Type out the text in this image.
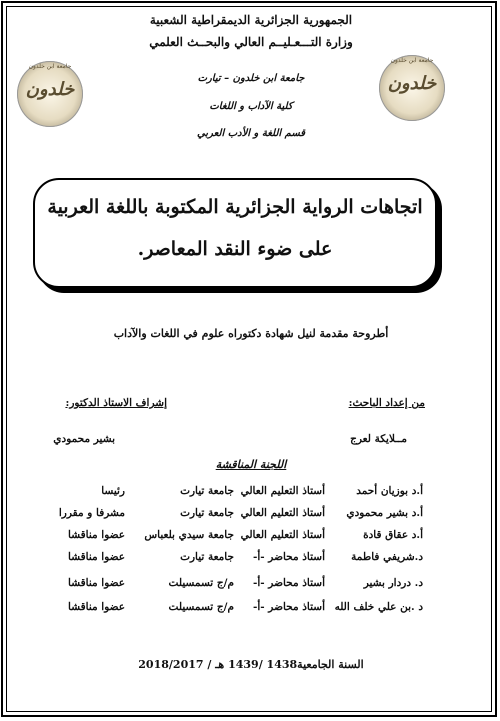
الجمهورية الجزائرية الديمقراطية الشعبية
وزارة التـــعـليــم العالي والبحــث العلمي
جامعة ابن خلدون – تيارت
كلية الآداب و اللغات
قسم اللغة و الأدب العربي
جامعة ابن خلدون
خلدون
جامعة ابن خلدون
خلدون
اتجاهات الرواية الجزائرية المكتوبة باللغة العربية
على ضوء النقد المعاصر.
أطروحة مقدمة لنيل شهادة دكتوراه علوم في اللغات والآداب
من إعداد الباحث:
إشراف الاستاذ الدكتور:
مــلايكة لعرج
بشير محمودي
اللجنة المناقشة
أ.د بوزيان أحمد
أستاذ التعليم العالي
جامعة تيارت
رئيسا
أ.د بشير محمودي
أستاذ التعليم العالي
جامعة تيارت
مشرفا و مقررا
أ.د عقاق قادة
أستاذ التعليم العالي
جامعة سيدي بلعباس
عضوا مناقشا
د.شريفي فاطمة
أستاذ محاضر -أ-
جامعة تيارت
عضوا مناقشا
د. دردار بشير
أستاذ محاضر -أ-
م/ج تسمسيلت
عضوا مناقشا
د .بن علي خلف الله
أستاذ محاضر -أ-
م/ج تسمسيلت
عضوا مناقشا
السنة الجامعية1438 /1439 هـ / 2018/2017
